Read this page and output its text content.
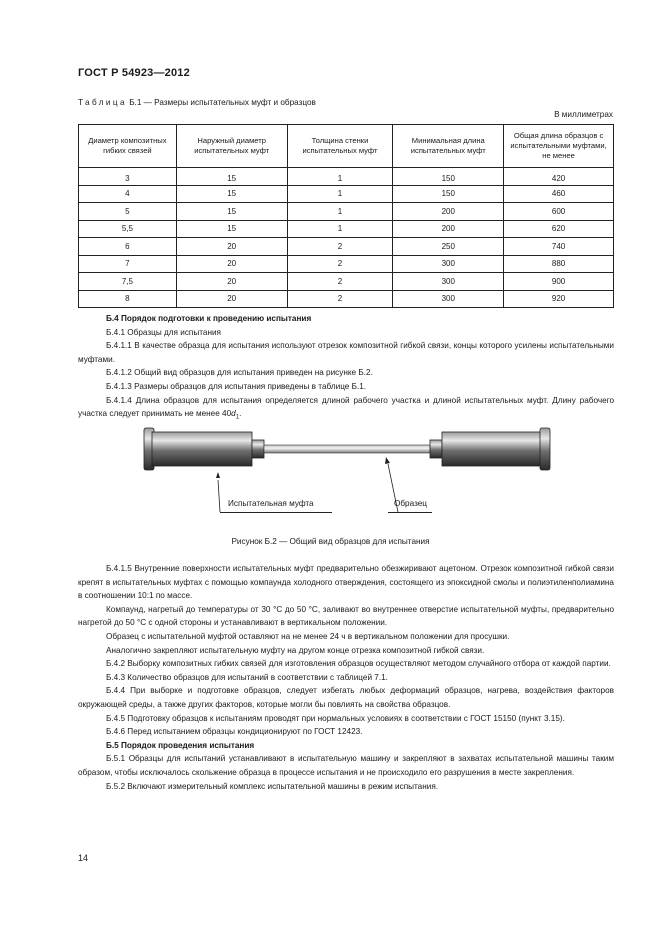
ГОСТ Р 54923—2012
Таблица Б.1 — Размеры испытательных муфт и образцов
В миллиметрах
Диаметр композитных гибких связей	Наружный диаметр испытательных муфт	Толщина стенки испытательных муфт	Минимальная длина испытательных муфт	Общая длина образцов с испытательными муфтами, не менее
3	15	1	150	420
4	15	1	150	460
5	15	1	200	600
5,5	15	1	200	620
6	20	2	250	740
7	20	2	300	880
7,5	20	2	300	900
8	20	2	300	920

Б.4 Порядок подготовки к проведению испытания

Б.4.1 Образцы для испытания

Б.4.1.1 В качестве образца для испытания используют отрезок композитной гибкой связи, концы которого усилены испытательными муфтами.

Б.4.1.2 Общий вид образцов для испытания приведен на рисунке Б.2.

Б.4.1.3 Размеры образцов для испытания приведены в таблице Б.1.

Б.4.1.4 Длина образцов для испытания определяется длиной рабочего участка и длиной испытательных муфт. Длину рабочего участка следует принимать не менее $40d_1$.

Испытательная муфта	Образец
Рисунок Б.2 — Общий вид образцов для испытания

Б.4.1.5 Внутренние поверхности испытательных муфт предварительно обезжиривают ацетоном. Отрезок композитной гибкой связи крепят в испытательных муфтах с помощью компаунда холодного отверждения, состоящего из эпоксидной смолы и полиэтиленполиамина в соотношении 10:1 по массе.

Компаунд, нагретый до температуры от 30 °С до 50 °С, заливают во внутреннее отверстие испытательной муфты, предварительно нагретой до 50 °С с одной стороны и устанавливают в вертикальном положении.

Образец с испытательной муфтой оставляют на не менее 24 ч в вертикальном положении для просушки.

Аналогично закрепляют испытательную муфту на другом конце отрезка композитной гибкой связи.

Б.4.2 Выборку композитных гибких связей для изготовления образцов осуществляют методом случайного отбора от каждой партии.

Б.4.3 Количество образцов для испытаний в соответствии с таблицей 7.1.

Б.4.4 При выборке и подготовке образцов, следует избегать любых деформаций образцов, нагрева, воздействия факторов окружающей среды, а также других факторов, которые могли бы повлиять на свойства образцов.

Б.4.5 Подготовку образцов к испытаниям проводят при нормальных условиях в соответствии с ГОСТ 15150 (пункт 3.15).

Б.4.6 Перед испытанием образцы кондиционируют по ГОСТ 12423.

Б.5 Порядок проведения испытания

Б.5.1 Образцы для испытаний устанавливают в испытательную машину и закрепляют в захватах испытательной машины таким образом, чтобы исключалось скольжение образца в процессе испытания и не происходило его разрушения в месте закрепления.

Б.5.2 Включают измерительный комплекс испытательной машины в режим испытания.

14
